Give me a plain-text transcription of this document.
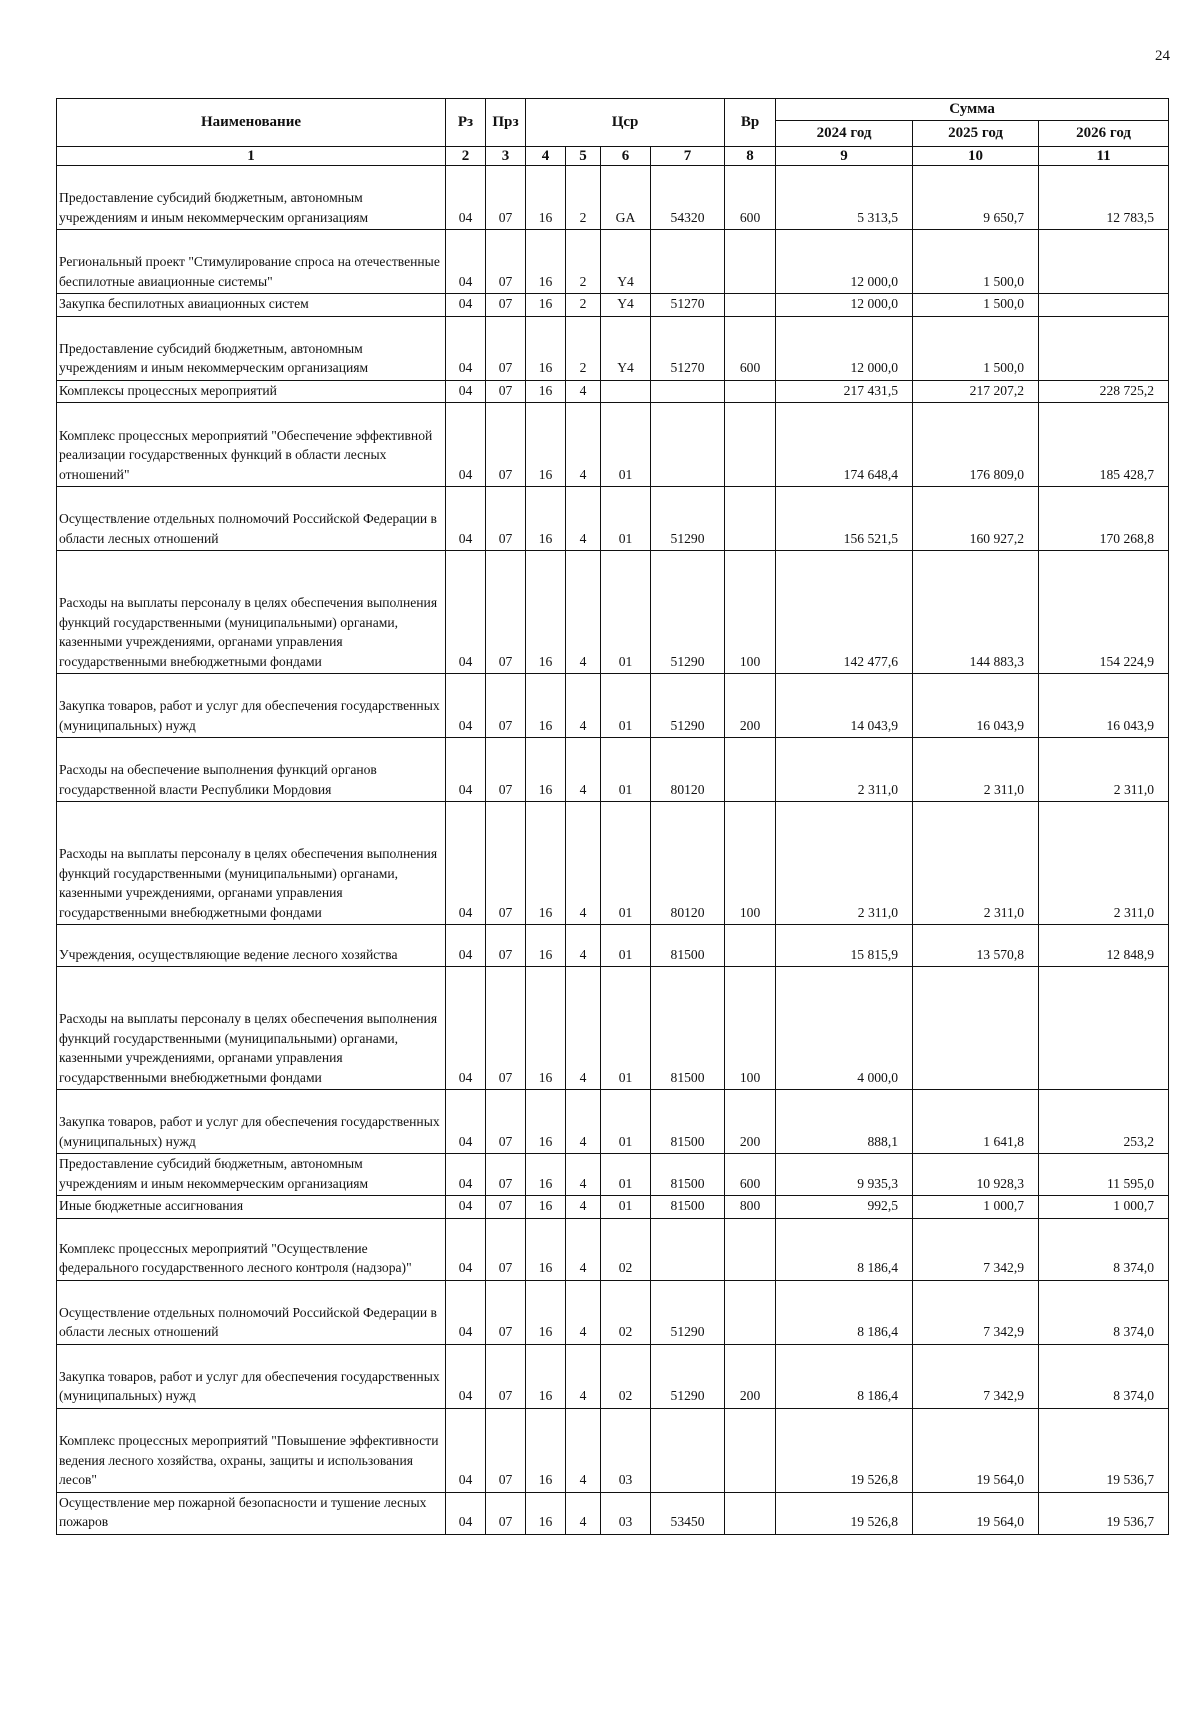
24
Наименование	Рз	Прз	Цср				Вр	Сумма		
								2024 год	2025 год	2026 год
1	2	3	4	5	6	7	8	9	10	11
Предоставление субсидий бюджетным, автономным учреждениям и иным некоммерческим организациям	04	07	16	2	GA	54320	600	5 313,5	9 650,7	12 783,5
Региональный проект "Стимулирование спроса на отечественные беспилотные авиационные системы"	04	07	16	2	Y4			12 000,0	1 500,0	
Закупка беспилотных авиационных систем	04	07	16	2	Y4	51270		12 000,0	1 500,0	
Предоставление субсидий бюджетным, автономным учреждениям и иным некоммерческим организациям	04	07	16	2	Y4	51270	600	12 000,0	1 500,0	
Комплексы процессных мероприятий	04	07	16	4				217 431,5	217 207,2	228 725,2
Комплекс процессных мероприятий "Обеспечение эффективной реализации государственных функций в области лесных отношений"	04	07	16	4	01			174 648,4	176 809,0	185 428,7
Осуществление отдельных полномочий Российской Федерации в области лесных отношений	04	07	16	4	01	51290		156 521,5	160 927,2	170 268,8
Расходы на выплаты персоналу в целях обеспечения выполнения функций государственными (муниципальными) органами, казенными учреждениями, органами управления государственными внебюджетными фондами	04	07	16	4	01	51290	100	142 477,6	144 883,3	154 224,9
Закупка товаров, работ и услуг для обеспечения государственных (муниципальных) нужд	04	07	16	4	01	51290	200	14 043,9	16 043,9	16 043,9
Расходы на обеспечение выполнения функций органов государственной власти Республики Мордовия	04	07	16	4	01	80120		2 311,0	2 311,0	2 311,0
Расходы на выплаты персоналу в целях обеспечения выполнения функций государственными (муниципальными) органами, казенными учреждениями, органами управления государственными внебюджетными фондами	04	07	16	4	01	80120	100	2 311,0	2 311,0	2 311,0
Учреждения, осуществляющие ведение лесного хозяйства	04	07	16	4	01	81500		15 815,9	13 570,8	12 848,9
Расходы на выплаты персоналу в целях обеспечения выполнения функций государственными (муниципальными) органами, казенными учреждениями, органами управления государственными внебюджетными фондами	04	07	16	4	01	81500	100	4 000,0		
Закупка товаров, работ и услуг для обеспечения государственных (муниципальных) нужд	04	07	16	4	01	81500	200	888,1	1 641,8	253,2
Предоставление субсидий бюджетным, автономным учреждениям и иным некоммерческим организациям	04	07	16	4	01	81500	600	9 935,3	10 928,3	11 595,0
Иные бюджетные ассигнования	04	07	16	4	01	81500	800	992,5	1 000,7	1 000,7
Комплекс процессных мероприятий "Осуществление федерального государственного лесного контроля (надзора)"	04	07	16	4	02			8 186,4	7 342,9	8 374,0
Осуществление отдельных полномочий Российской Федерации в области лесных отношений	04	07	16	4	02	51290		8 186,4	7 342,9	8 374,0
Закупка товаров, работ и услуг для обеспечения государственных (муниципальных) нужд	04	07	16	4	02	51290	200	8 186,4	7 342,9	8 374,0
Комплекс процессных мероприятий "Повышение эффективности ведения лесного хозяйства, охраны, защиты и использования лесов"	04	07	16	4	03			19 526,8	19 564,0	19 536,7
Осуществление мер пожарной безопасности и тушение лесных пожаров	04	07	16	4	03	53450		19 526,8	19 564,0	19 536,7
